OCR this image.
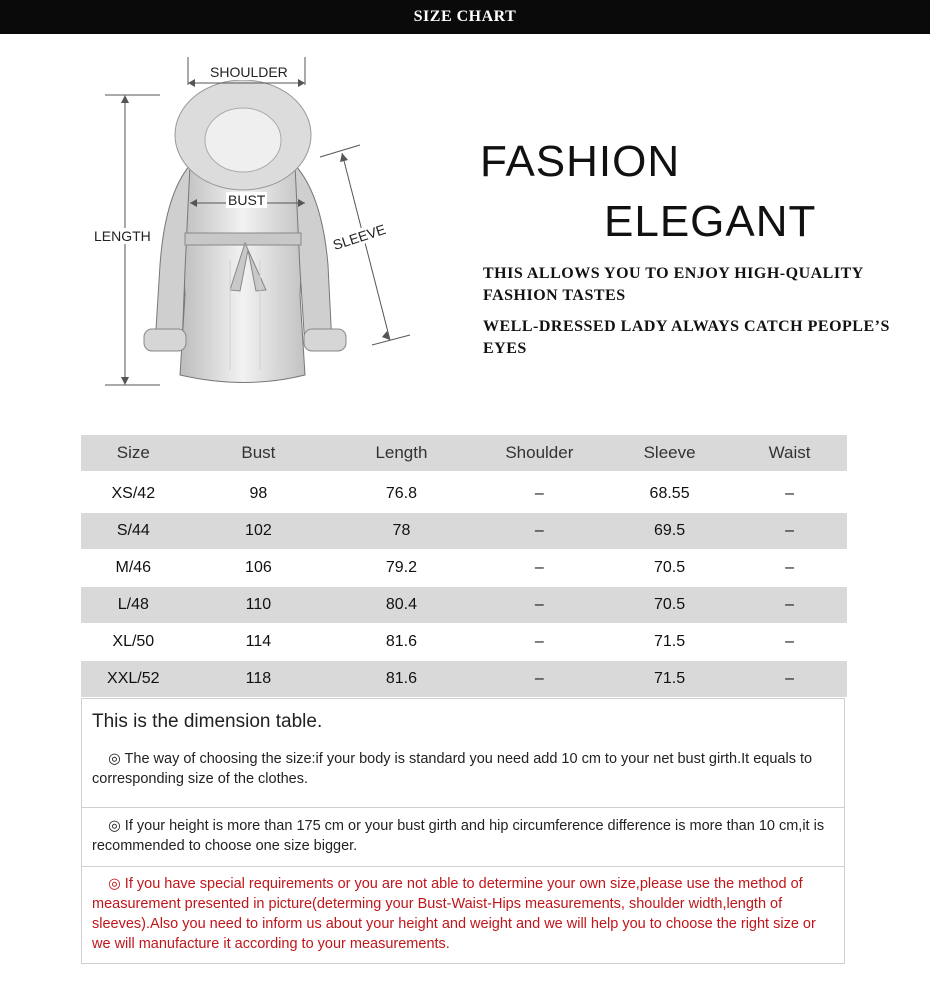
SIZE CHART
SHOULDER
BUST
LENGTH	SLEEVE
FASHION
ELEGANT
THIS ALLOWS YOU TO ENJOY HIGH-QUALITY FASHION TASTES
WELL-DRESSED LADY ALWAYS CATCH PEOPLE’S EYES
Size	Bust	Length	Shoulder	Sleeve	Waist
XS/42	98	76.8	–	68.55	–
S/44	102	78	–	69.5	–
M/46	106	79.2	–	70.5	–
L/48	110	80.4	–	70.5	–
XL/50	114	81.6	–	71.5	–
XXL/52	118	81.6	–	71.5	–
This is the dimension table.
◎ The way of choosing the size:if your body is standard you need add 10 cm to your net bust girth.It equals to corresponding size of the clothes.
◎ If your height is more than 175 cm or your bust girth and hip circumference difference is more than 10 cm,it is recommended to choose one size bigger.
◎ If you have special requirements or you are not able to determine your own size,please use the method of measurement presented in picture(determing your Bust-Waist-Hips measurements, shoulder width,length of sleeves).Also you need to inform us about your height and weight and we will help you to choose the right size or we will manufacture it according to your measurements.
